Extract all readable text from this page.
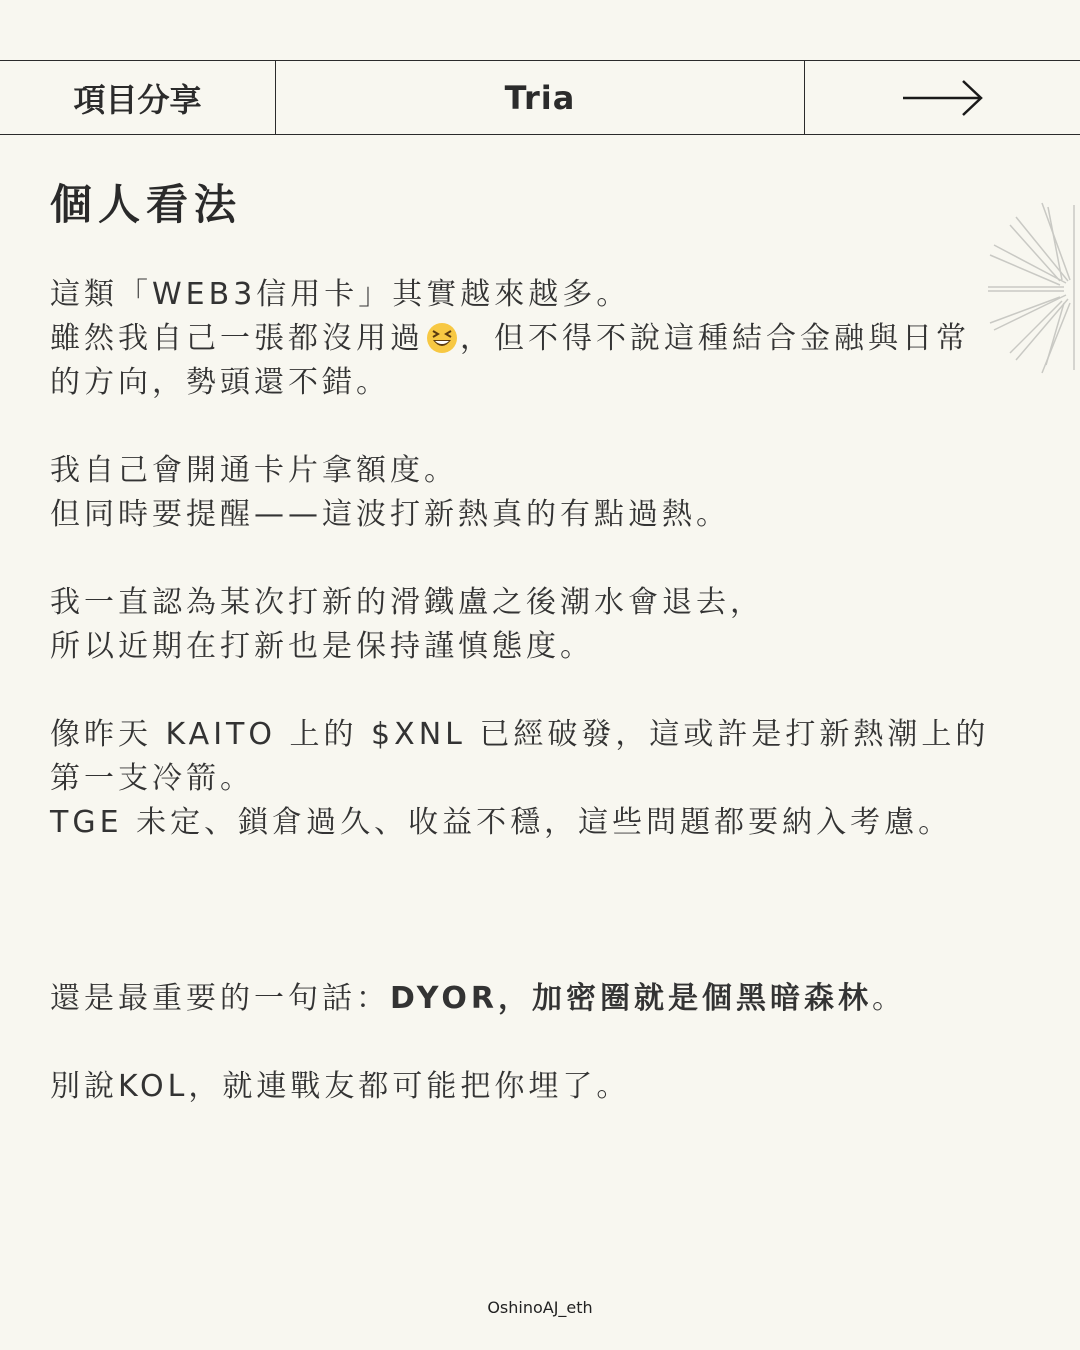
項目分享	Tria
個人看法

這類「WEB3信用卡」其實越來越多。

雖然我自己一張都沒用過 ，但不得不說這種結合金融與日常

的方向，勢頭還不錯。

我自己會開通卡片拿額度。

但同時要提醒——這波打新熱真的有點過熱。

我一直認為某次打新的滑鐵盧之後潮水會退去，

所以近期在打新也是保持謹慎態度。

像昨天 KAITO 上的 $XNL 已經破發，這或許是打新熱潮上的

第一支冷箭。

TGE 未定、鎖倉過久、收益不穩，這些問題都要納入考慮。

還是最重要的一句話：DYOR，加密圈就是個黑暗森林。

別說KOL，就連戰友都可能把你埋了。

OshinoAJ_eth
